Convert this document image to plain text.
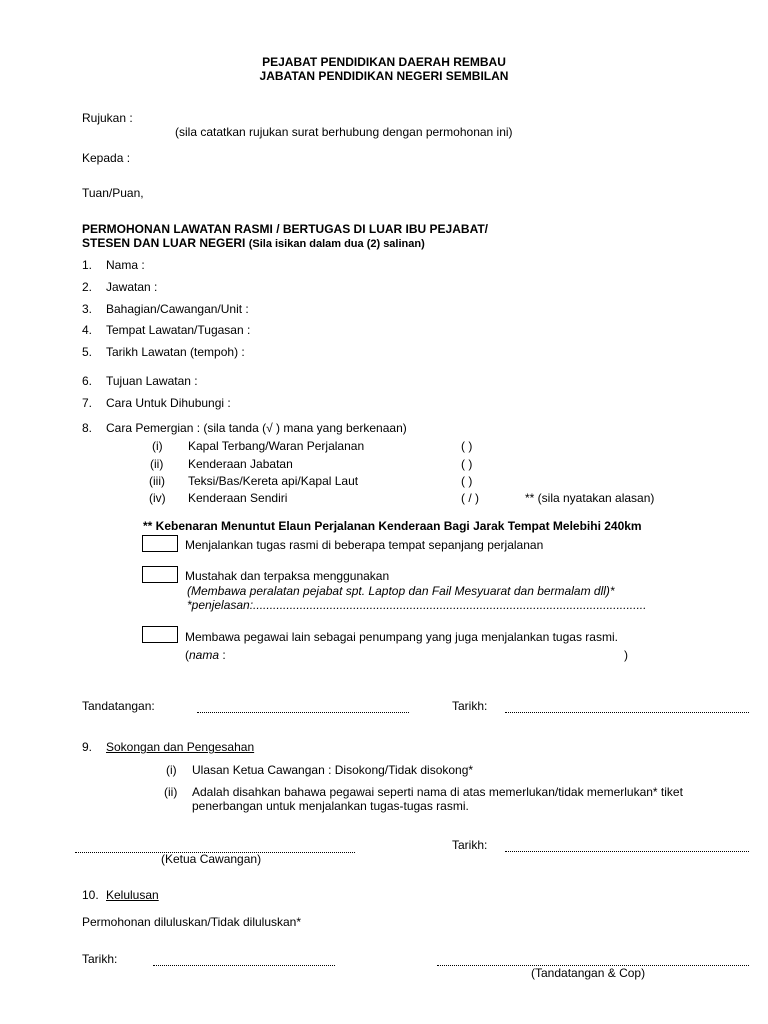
PEJABAT PENDIDIKAN DAERAH REMBAU
JABATAN PENDIDIKAN NEGERI SEMBILAN
Rujukan :
(sila catatkan rujukan surat berhubung dengan permohonan ini)
Kepada :
Tuan/Puan,
PERMOHONAN LAWATAN RASMI / BERTUGAS DI LUAR IBU PEJABAT/
STESEN DAN LUAR NEGERI (Sila isikan dalam dua (2) salinan)
1. Nama :
2. Jawatan :
3. Bahagian/Cawangan/Unit :
4. Tempat Lawatan/Tugasan :
5. Tarikh Lawatan (tempoh) :
6. Tujuan Lawatan :
7. Cara Untuk Dihubungi :
8. Cara Pemergian : (sila tanda (√ ) mana yang berkenaan)
(i) Kapal Terbang/Waran Perjalanan	( )
(ii) Kenderaan Jabatan	( )
(iii) Teksi/Bas/Kereta api/Kapal Laut	( )
(iv) Kenderaan Sendiri	( / )	** (sila nyatakan alasan)
** Kebenaran Menuntut Elaun Perjalanan Kenderaan Bagi Jarak Tempat Melebihi 240km
Menjalankan tugas rasmi di beberapa tempat sepanjang perjalanan
Mustahak dan terpaksa menggunakan
(Membawa peralatan pejabat spt. Laptop dan Fail Mesyuarat dan bermalam dll)*
*penjelasan:......................................................................................................................
Membawa pegawai lain sebagai penumpang yang juga menjalankan tugas rasmi.
(nama :	)
Tandatangan:	Tarikh:
9. Sokongan dan Pengesahan
(i) Ulasan Ketua Cawangan : Disokong/Tidak disokong*
(ii) Adalah disahkan bahawa pegawai seperti nama di atas memerlukan/tidak memerlukan* tiket
penerbangan untuk menjalankan tugas-tugas rasmi.
(Ketua Cawangan)
Tarikh:
10. Kelulusan
Permohonan diluluskan/Tidak diluluskan*
Tarikh:
(Tandatangan & Cop)
